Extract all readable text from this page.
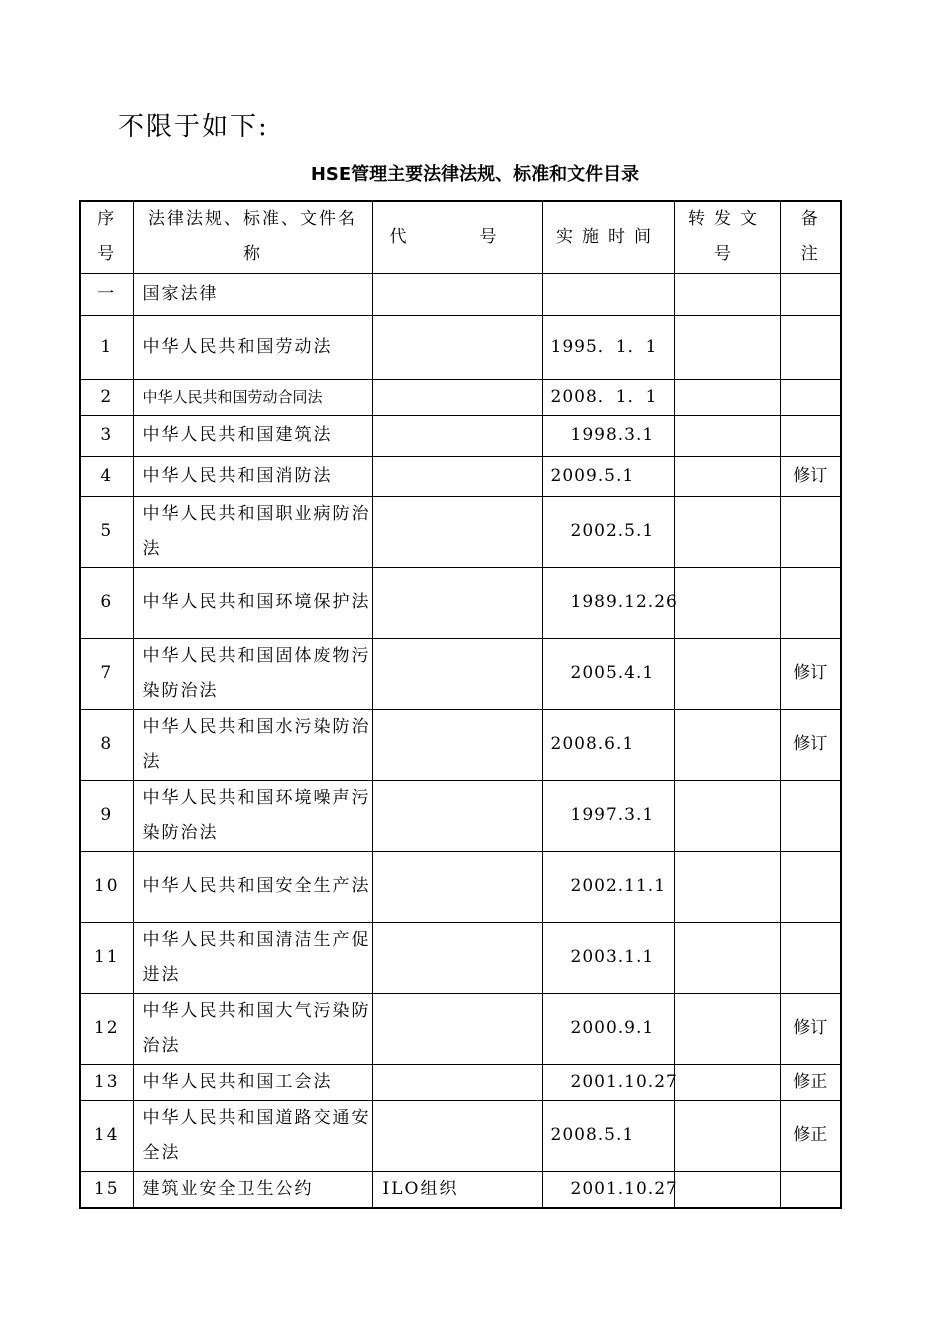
不限于如下:

HSE管理主要法律法规、标准和文件目录
序号	法律法规、标准、文件名称	代　号	实施时间	转发文号	备注
一	国家法律				
1	中华人民共和国劳动法		1995．1．1		
2	中华人民共和国劳动合同法		2008．1．1		
3	中华人民共和国建筑法		1998.3.1		
4	中华人民共和国消防法		2009.5.1		修订
5	中华人民共和国职业病防治法		2002.5.1		
6	中华人民共和国环境保护法		1989.12.26		
7	中华人民共和国固体废物污染防治法		2005.4.1		修订
8	中华人民共和国水污染防治法		2008.6.1		修订
9	中华人民共和国环境噪声污染防治法		1997.3.1		
10	中华人民共和国安全生产法		2002.11.1		
11	中华人民共和国清洁生产促进法		2003.1.1		
12	中华人民共和国大气污染防治法		2000.9.1		修订
13	中华人民共和国工会法		2001.10.27		修正
14	中华人民共和国道路交通安全法		2008.5.1		修正
15	建筑业安全卫生公约	ILO组织	2001.10.27		
